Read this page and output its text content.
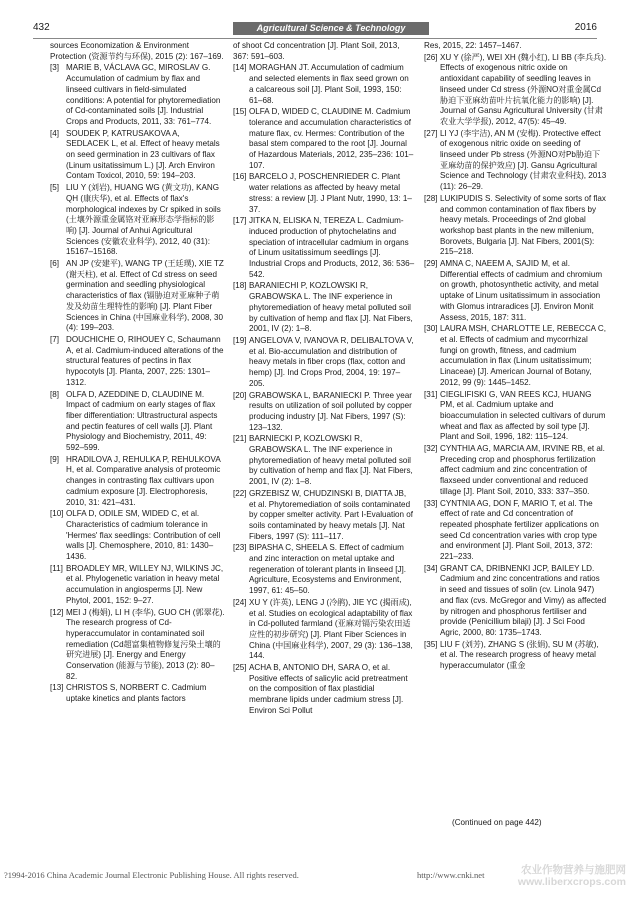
432	Agricultural Science & Technology	2016
sources Economization & Environment Protection (资源节约与环保), 2015 (2): 167–169.
[3] MARIE B, VÁCLAVA GC, MIROSLAV G. Accumulation of cadmium by flax and linseed cultivars in field-simulated conditions: A potential for phytoremediation of Cd-contaminated soils [J]. Industrial Crops and Products, 2011, 33: 761–774.
[4] SOUDEK P, KATRUSAKOVA A, SEDLACEK L, et al. Effect of heavy metals on seed germination in 23 cultivars of flax (Linum usitatissimum L.) [J]. Arch Environ Contam Toxicol, 2010, 59: 194–203.
[5] LIU Y (刘岩), HUANG WG (黄文功), KANG QH (康庆华), et al. Effects of flax's morphological indexes by Cr spiked in soils (土壤外源重金属铬对亚麻形态学指标的影响) [J]. Journal of Anhui Agricultural Sciences (安徽农业科学), 2012, 40 (31): 15167–15168.
[6] AN JP (安建平), WANG TP (王廷璞), XIE TZ (谢天柱), et al. Effect of Cd stress on seed germination and seedling physiological characteristics of flax (镉胁迫对亚麻种子萌发及幼苗生理特性的影响) [J]. Plant Fiber Sciences in China (中国麻业科学), 2008, 30 (4): 199–203.
[7] DOUCHICHE O, RIHOUEY C, Schaumann A, et al. Cadmium-induced alterations of the structural features of pectins in flax hypocotyls [J]. Planta, 2007, 225: 1301–1312.
[8] OLFA D, AZEDDINE D, CLAUDINE M. Impact of cadmium on early stages of flax fiber differentiation: Ultrastructural aspects and pectin features of cell walls [J]. Plant Physiology and Biochemistry, 2011, 49: 592–599.
[9] HRADILOVA J, REHULKA P, REHULKOVA H, et al. Comparative analysis of proteomic changes in contrasting flax cultivars upon cadmium exposure [J]. Electrophoresis, 2010, 31: 421–431.
[10] OLFA D, ODILE SM, WIDED C, et al. Characteristics of cadmium tolerance in 'Hermes' flax seedlings: Contribution of cell walls [J]. Chemosphere, 2010, 81: 1430–1436.
[11] BROADLEY MR, WILLEY NJ, WILKINS JC, et al. Phylogenetic variation in heavy metal accumulation in angiosperms [J]. New Phytol, 2001, 152: 9–27.
[12] MEI J (梅娟), LI H (李华), GUO CH (郭翠花). The research progress of Cd-hyperaccumulator in contaminated soil remediation (Cd超富集植物修复污染土壤的研究进展) [J]. Energy and Energy Conservation (能源与节能), 2013 (2): 80–82.
[13] CHRISTOS S, NORBERT C. Cadmium uptake kinetics and plants factors
of shoot Cd concentration [J]. Plant Soil, 2013, 367: 591–603.
[14] MORAGHAN JT. Accumulation of cadmium and selected elements in flax seed grown on a calcareous soil [J]. Plant Soil, 1993, 150: 61–68.
[15] OLFA D, WIDED C, CLAUDINE M. Cadmium tolerance and accumulation characteristics of mature flax, cv. Hermes: Contribution of the basal stem compared to the root [J]. Journal of Hazardous Materials, 2012, 235–236: 101–107.
[16] BARCELO J, POSCHENRIEDER C. Plant water relations as affected by heavy metal stress: a review [J]. J Plant Nutr, 1990, 13: 1–37.
[17] JITKA N, ELISKA N, TEREZA L. Cadmium-induced production of phytochelatins and speciation of intracellular cadmium in organs of Linum usitatissimum seedlings [J]. Industrial Crops and Products, 2012, 36: 536–542.
[18] BARANIECHI P, KOZLOWSKI R, GRABOWSKA L. The INF experience in phytoremediation of heavy metal polluted soil by cultivation of hemp and flax [J]. Nat Fibers, 2001, IV (2): 1–8.
[19] ANGELOVA V, IVANOVA R, DELIBALTOVA V, et al. Bio-accumulation and distribution of heavy metals in fiber crops (flax, cotton and hemp) [J]. Ind Crops Prod, 2004, 19: 197–205.
[20] GRABOWSKA L, BARANIECKI P. Three year results on utilization of soil polluted by copper producing industry [J]. Nat Fibers, 1997 (S): 123–132.
[21] BARNIECKI P, KOZLOWSKI R, GRABOWSKA L. The INF experience in phytoremediation of heavy metal polluted soil by cultivation of hemp and flax [J]. Nat Fibers, 2001, IV (2): 1–8.
[22] GRZEBISZ W, CHUDZINSKI B, DIATTA JB, et al. Phytoremediation of soils contaminated by copper smelter activity. Part I-Evaluation of soils contaminated by heavy metals [J]. Nat Fibers, 1997 (S): 111–117.
[23] BIPASHA C, SHEELA S. Effect of cadmium and zinc interaction on metal uptake and regeneration of tolerant plants in linseed [J]. Agriculture, Ecosystems and Environment, 1997, 61: 45–50.
[24] XU Y (许英), LENG J (冷鹃), JIE YC (揭雨成), et al. Studies on ecological adaptability of flax in Cd-polluted farmland (亚麻对镉污染农田适应性的初步研究) [J]. Plant Fiber Sciences in China (中国麻业科学), 2007, 29 (3): 136–138, 144.
[25] ACHA B, ANTONIO DH, SARA O, et al. Positive effects of salicylic acid pretreatment on the composition of flax plastidial membrane lipids under cadmium stress [J]. Environ Sci Pollut
Res, 2015, 22: 1457–1467.
[26] XU Y (徐严), WEI XH (魏小红), LI BB (李兵兵). Effects of exogenous nitric oxide on antioxidant capability of seedling leaves in linseed under Cd stress (外源NO对重金属Cd胁迫下亚麻幼苗叶片抗氧化能力的影响) [J]. Journal of Gansu Agricultural University (甘肃农业大学学报), 2012, 47(5): 45–49.
[27] LI YJ (李宇洁), AN M (安梅). Protective effect of exogenous nitric oxide on seeding of linseed under Pb stress (外源NO对Pb胁迫下亚麻幼苗的保护效应) [J]. Gansu Agricultural Science and Technology (甘肃农业科技), 2013 (11): 26–29.
[28] LUKIPUDIS S. Selectivity of some sorts of flax and common contamination of flax fibers by heavy metals. Proceedings of 2nd global workshop bast plants in the new millenium, Borovets, Bulgaria [J]. Nat Fibers, 2001(S): 215–218.
[29] AMNA C, NAEEM A, SAJID M, et al. Differential effects of cadmium and chromium on growth, photosynthetic activity, and metal uptake of Linum usitatissimum in association with Glomus intraradices [J]. Environ Monit Assess, 2015, 187: 311.
[30] LAURA MSH, CHARLOTTE LE, REBECCA C, et al. Effects of cadmium and mycorrhizal fungi on growth, fitness, and cadmium accumulation in flax (Linum usitatissimum; Linaceae) [J]. American Journal of Botany, 2012, 99 (9): 1445–1452.
[31] CIEGLIFISKI G, VAN REES KCJ, HUANG PM, et al. Cadmium uptake and bioaccumulation in selected cultivars of durum wheat and flax as affected by soil type [J]. Plant and Soil, 1996, 182: 115–124.
[32] CYNTHIA AG, MARCIA AM, IRVINE RB, et al. Preceding crop and phosphorus fertilization affect cadmium and zinc concentration of flaxseed under conventional and reduced tillage [J]. Plant Soil, 2010, 333: 337–350.
[33] CYNTNIA AG, DON F, MARIO T, et al. The effect of rate and Cd concentration of repeated phosphate fertilizer applications on seed Cd concentration varies with crop type and environment [J]. Plant Soil, 2013, 372: 221–233.
[34] GRANT CA, DRIBNENKI JCP, BAILEY LD. Cadmium and zinc concentrations and ratios in seed and tissues of solin (cv. Linola 947) and flax (cvs. McGregor and Vimy) as affected by nitrogen and phosphorus fertiliser and provide (Penicillium bilaji) [J]. J Sci Food Agric, 2000, 80: 1735–1743.
[35] LIU F (刘芳), ZHANG S (张娟), SU M (苏敏), et al. The research progress of heavy metal hyperaccumulator (重金
(Continued on page 442)
?1994-2016 China Academic Journal Electronic Publishing House. All rights reserved.	http://www.cnki.net	农业作物营养与施肥网
www.liberxcrops.com
